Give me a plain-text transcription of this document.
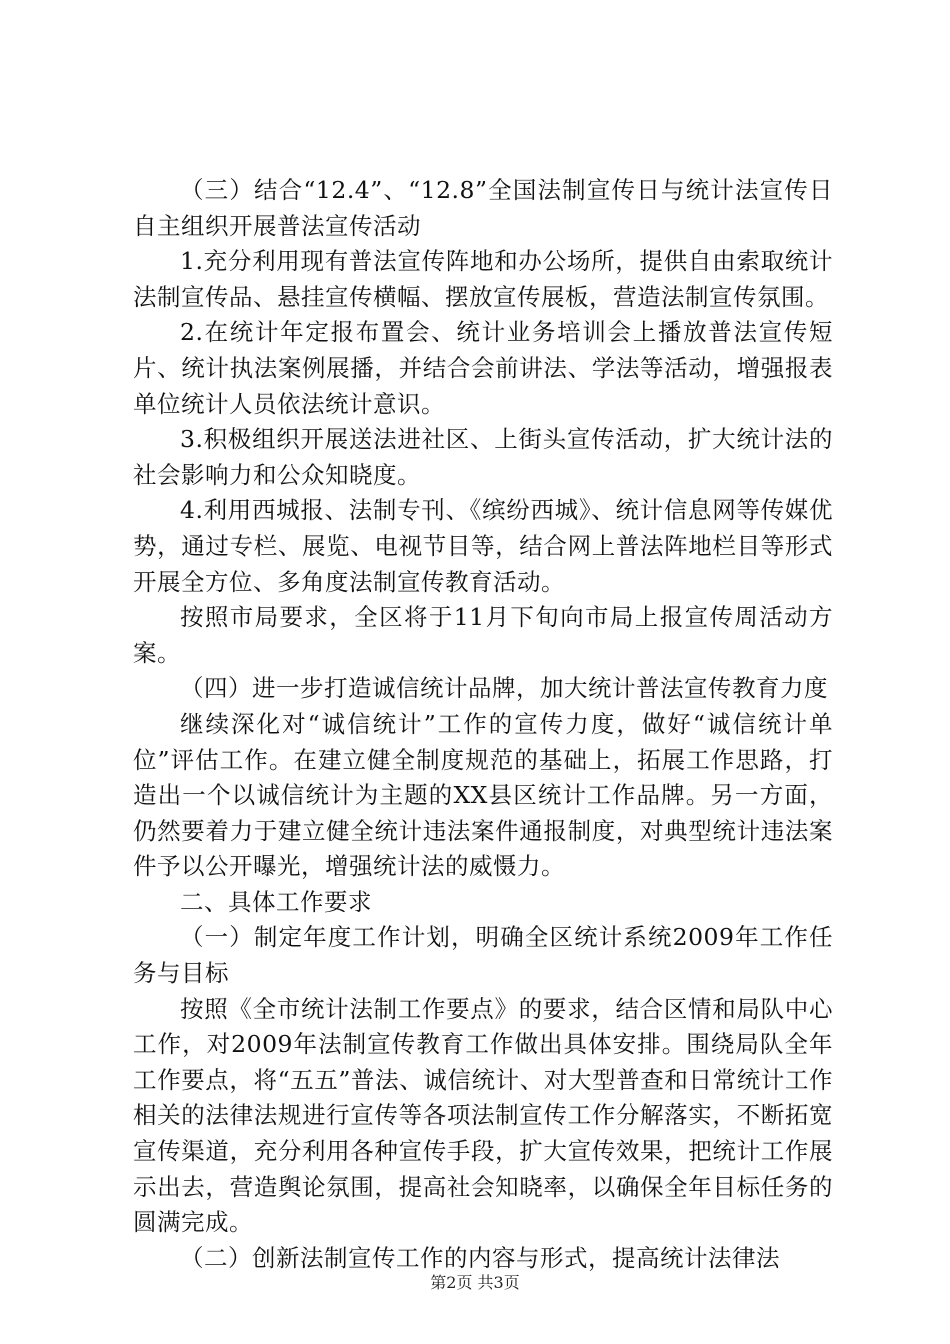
（三）结合“12.4”、“12.8”全国法制宣传日与统计法宣传日自主组织开展普法宣传活动

1.充分利用现有普法宣传阵地和办公场所，提供自由索取统计法制宣传品、悬挂宣传横幅、摆放宣传展板，营造法制宣传氛围。

2.在统计年定报布置会、统计业务培训会上播放普法宣传短片、统计执法案例展播，并结合会前讲法、学法等活动，增强报表单位统计人员依法统计意识。

3.积极组织开展送法进社区、上街头宣传活动，扩大统计法的社会影响力和公众知晓度。

4.利用西城报、法制专刊、《缤纷西城》、统计信息网等传媒优势，通过专栏、展览、电视节目等，结合网上普法阵地栏目等形式开展全方位、多角度法制宣传教育活动。

按照市局要求，全区将于11月下旬向市局上报宣传周活动方案。

（四）进一步打造诚信统计品牌，加大统计普法宣传教育力度

继续深化对“诚信统计”工作的宣传力度，做好“诚信统计单位”评估工作。在建立健全制度规范的基础上，拓展工作思路，打造出一个以诚信统计为主题的XX县区统计工作品牌。另一方面，仍然要着力于建立健全统计违法案件通报制度，对典型统计违法案件予以公开曝光，增强统计法的威慑力。

二、具体工作要求

（一）制定年度工作计划，明确全区统计系统2009年工作任务与目标

按照《全市统计法制工作要点》的要求，结合区情和局队中心工作，对2009年法制宣传教育工作做出具体安排。围绕局队全年工作要点，将“五五”普法、诚信统计、对大型普查和日常统计工作相关的法律法规进行宣传等各项法制宣传工作分解落实，不断拓宽宣传渠道，充分利用各种宣传手段，扩大宣传效果，把统计工作展示出去，营造舆论氛围，提高社会知晓率，以确保全年目标任务的圆满完成。

（二）创新法制宣传工作的内容与形式，提高统计法律法

第2页 共3页
